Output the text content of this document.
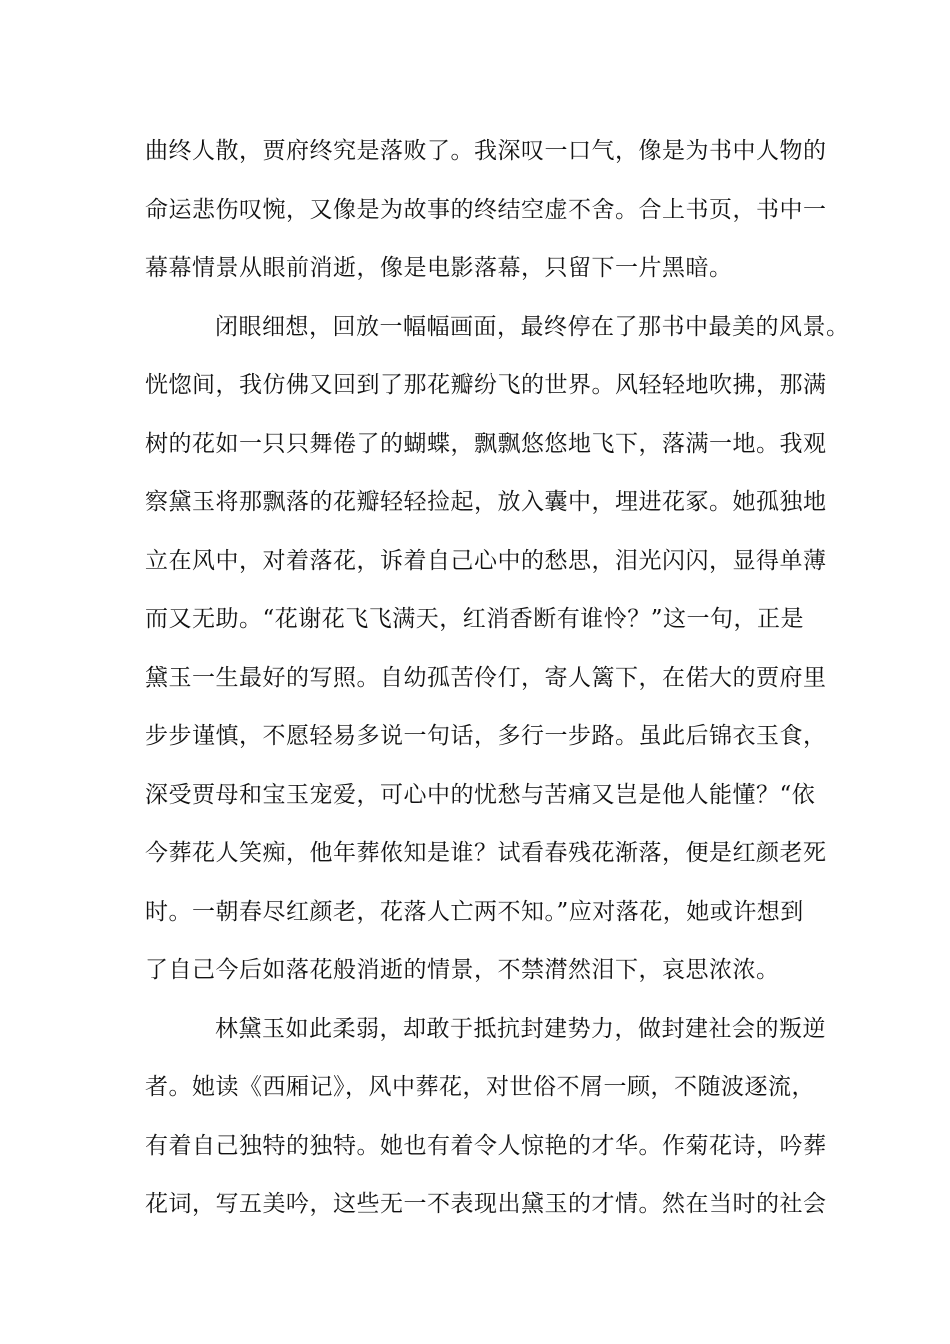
曲终人散，贾府终究是落败了。我深叹一口气，像是为书中人物的
命运悲伤叹惋，又像是为故事的终结空虚不舍。合上书页，书中一
幕幕情景从眼前消逝，像是电影落幕，只留下一片黑暗。
闭眼细想，回放一幅幅画面，最终停在了那书中最美的风景。
恍惚间，我仿佛又回到了那花瓣纷飞的世界。风轻轻地吹拂，那满
树的花如一只只舞倦了的蝴蝶，飘飘悠悠地飞下，落满一地。我观
察黛玉将那飘落的花瓣轻轻捡起，放入囊中，埋进花冢。她孤独地
立在风中，对着落花，诉着自己心中的愁思，泪光闪闪，显得单薄
而又无助。“花谢花飞飞满天，红消香断有谁怜？”这一句，正是
黛玉一生最好的写照。自幼孤苦伶仃，寄人篱下，在偌大的贾府里
步步谨慎，不愿轻易多说一句话，多行一步路。虽此后锦衣玉食，
深受贾母和宝玉宠爱，可心中的忧愁与苦痛又岂是他人能懂？“依
今葬花人笑痴，他年葬侬知是谁？试看春残花渐落，便是红颜老死
时。一朝春尽红颜老，花落人亡两不知。”应对落花，她或许想到
了自己今后如落花般消逝的情景，不禁潸然泪下，哀思浓浓。
林黛玉如此柔弱，却敢于抵抗封建势力，做封建社会的叛逆
者。她读《西厢记》，风中葬花，对世俗不屑一顾，不随波逐流，
有着自己独特的独特。她也有着令人惊艳的才华。作菊花诗，吟葬
花词，写五美吟，这些无一不表现出黛玉的才情。然在当时的社会
